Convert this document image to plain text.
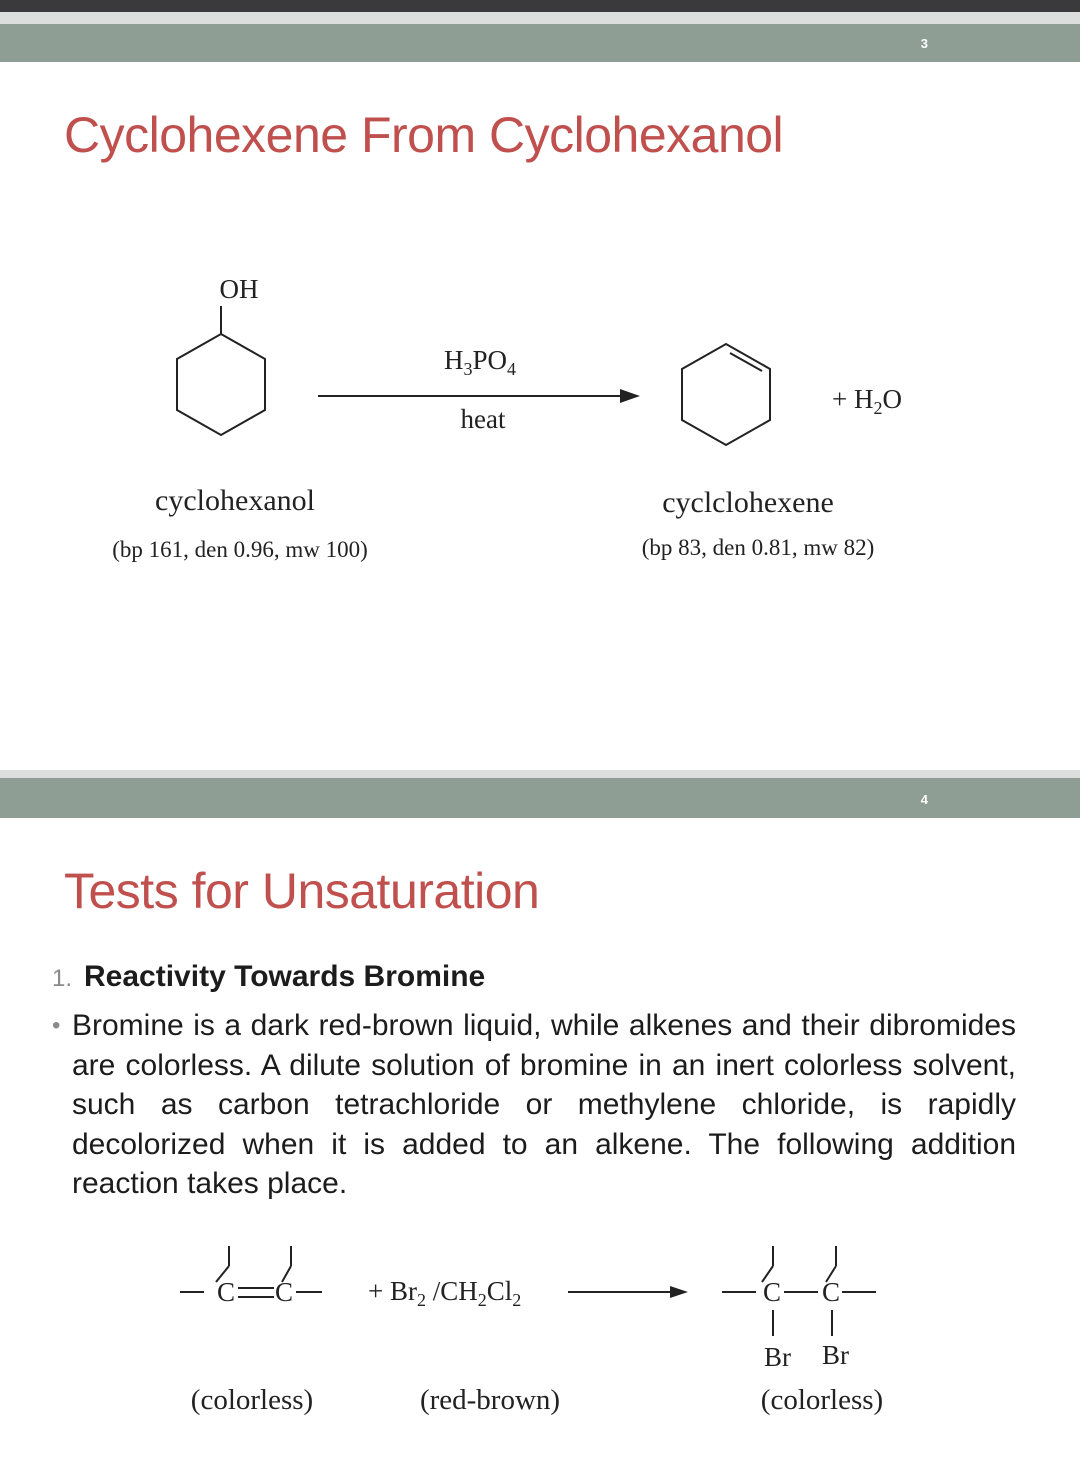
3
Cyclohexene From Cyclohexanol
OH
$H_3PO_4$
heat
+ $H_2O$
cyclohexanol
(bp 161, den 0.96, mw 100)
cyclclohexene
(bp 83, den 0.81, mw 82)
4
Tests for Unsaturation
1. Reactivity Towards Bromine
• Bromine is a dark red-brown liquid, while alkenes and their dibromides are colorless. A dilute solution of bromine in an inert colorless solvent, such as carbon tetrachloride or methylene chloride, is rapidly decolorized when it is added to an alkene. The following addition reaction takes place.
C C	+ $Br_2$ $/CH_2Cl_2$	C C
Br Br
(colorless)	(red-brown)	(colorless)
